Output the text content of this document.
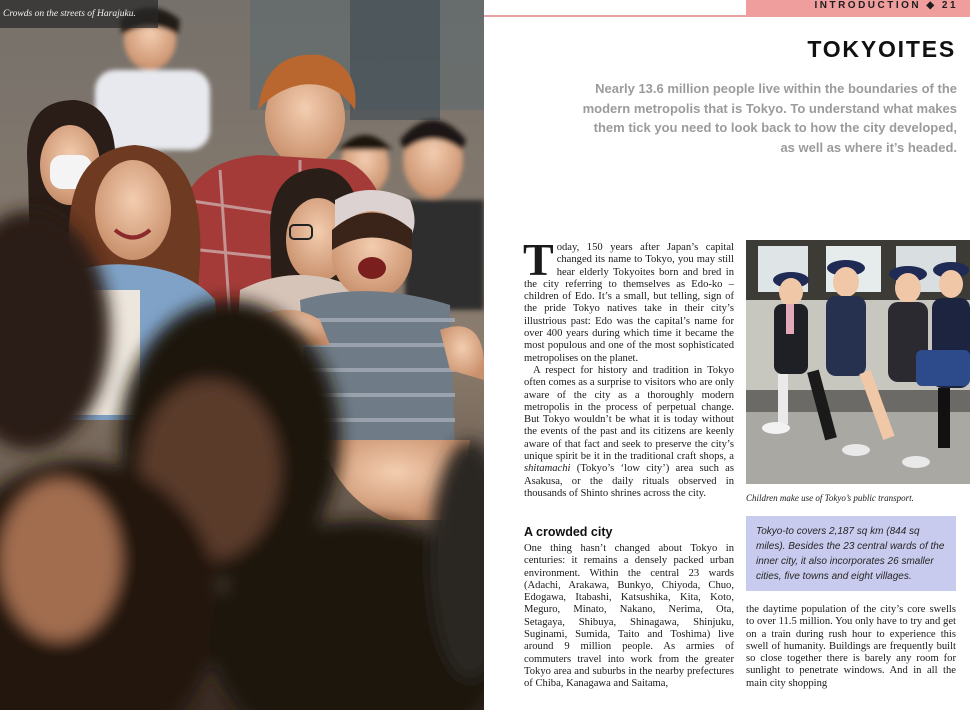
Crowds on the streets of Harajuku.
INTRODUCTION ◆ 21
TOKYOITES
Nearly 13.6 million people live within the boundaries of the modern metropolis that is Tokyo. To understand what makes them tick you need to look back to how the city developed, as well as where it’s headed.

Today, 150 years after Japan’s capital changed its name to Tokyo, you may still hear elderly Tokyoites born and bred in the city referring to themselves as Edo-ko – children of Edo. It’s a small, but telling, sign of the pride Tokyo natives take in their city’s illustrious past: Edo was the capital’s name for over 400 years during which time it became the most populous and one of the most sophisticated metropolises on the planet.

A respect for history and tradition in Tokyo often comes as a surprise to visitors who are only aware of the city as a thoroughly modern metropolis in the process of perpetual change. But Tokyo wouldn’t be what it is today without the events of the past and its citizens are keenly aware of that fact and seek to preserve the city’s unique spirit be it in the traditional craft shops, a shitamachi (Tokyo’s ‘low city’) area such as Asakusa, or the daily rituals observed in thousands of Shinto shrines across the city.

A crowded city

One thing hasn’t changed about Tokyo in centuries: it remains a densely packed urban environment. Within the central 23 wards (Adachi, Arakawa, Bunkyo, Chiyoda, Chuo, Edogawa, Itabashi, Katsushika, Kita, Koto, Meguro, Minato, Nakano, Nerima, Ota, Setagaya, Shibuya, Shinagawa, Shinjuku, Suginami, Sumida, Taito and Toshima) live around 9 million people. As armies of commuters travel into work from the greater Tokyo area and suburbs in the nearby prefectures of Chiba, Kanagawa and Saitama,

Children make use of Tokyo’s public transport.
Tokyo-to covers 2,187 sq km (844 sq miles). Besides the 23 central wards of the inner city, it also incorporates 26 smaller cities, five towns and eight villages.

the daytime population of the city’s core swells to over 11.5 million. You only have to try and get on a train during rush hour to experience this swell of humanity. Buildings are frequently built so close together there is barely any room for sunlight to penetrate windows. And in all the main city shopping
